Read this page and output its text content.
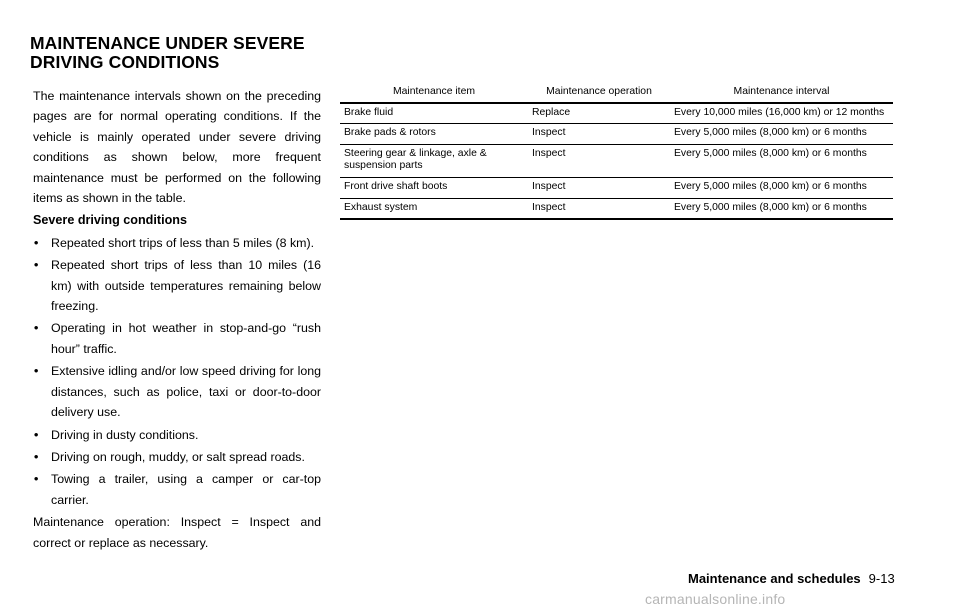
MAINTENANCE UNDER SEVERE
DRIVING CONDITIONS

The maintenance intervals shown on the preceding pages are for normal operating conditions. If the vehicle is mainly operated under severe driving conditions as shown below, more frequent maintenance must be performed on the following items as shown in the table.

Severe driving conditions
• Repeated short trips of less than 5 miles (8 km).
• Repeated short trips of less than 10 miles (16 km) with outside temperatures remaining below freezing.
• Operating in hot weather in stop-and-go “rush hour” traffic.
• Extensive idling and/or low speed driving for long distances, such as police, taxi or door-to-door delivery use.
• Driving in dusty conditions.
• Driving on rough, muddy, or salt spread roads.
• Towing a trailer, using a camper or car-top carrier.

Maintenance operation: Inspect = Inspect and correct or replace as necessary.

Maintenance item	Maintenance operation	Maintenance interval
Brake fluid	Replace	Every 10,000 miles (16,000 km) or 12 months
Brake pads & rotors	Inspect	Every 5,000 miles (8,000 km) or 6 months
Steering gear & linkage, axle & suspension parts	Inspect	Every 5,000 miles (8,000 km) or 6 months
Front drive shaft boots	Inspect	Every 5,000 miles (8,000 km) or 6 months
Exhaust system	Inspect	Every 5,000 miles (8,000 km) or 6 months
Maintenance and schedules 9-13
carmanualsonline.info
